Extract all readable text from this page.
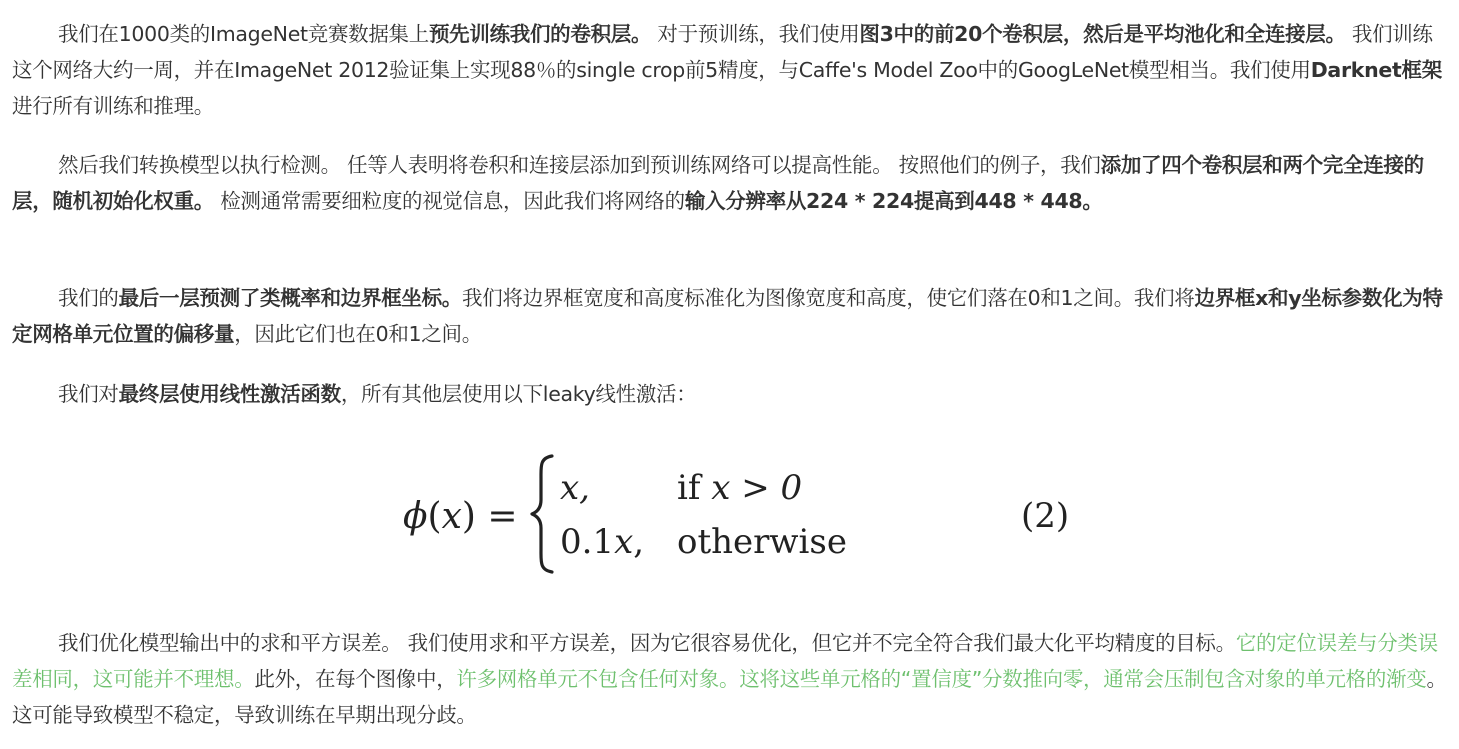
我们在1000类的ImageNet竞赛数据集上预先训练我们的卷积层。 对于预训练，我们使用图3中的前20个卷积层，然后是平均池化和全连接层。 我们训练这个网络大约一周，并在ImageNet 2012验证集上实现88％的single crop前5精度，与Caffe's Model Zoo中的GoogLeNet模型相当。我们使用Darknet框架进行所有训练和推理。

然后我们转换模型以执行检测。 任等人表明将卷积和连接层添加到预训练网络可以提高性能。 按照他们的例子，我们添加了四个卷积层和两个完全连接的层，随机初始化权重。 检测通常需要细粒度的视觉信息，因此我们将网络的输入分辨率从224 * 224提高到448 * 448。

我们的最后一层预测了类概率和边界框坐标。我们将边界框宽度和高度标准化为图像宽度和高度，使它们落在0和1之间。我们将边界框x和y坐标参数化为特定网格单元位置的偏移量，因此它们也在0和1之间。

我们对最终层使用线性激活函数，所有其他层使用以下leaky线性激活：

我们优化模型输出中的求和平方误差。 我们使用求和平方误差，因为它很容易优化，但它并不完全符合我们最大化平均精度的目标。它的定位误差与分类误差相同，这可能并不理想。此外，在每个图像中，许多网格单元不包含任何对象。这将这些单元格的“置信度”分数推向零，通常会压制包含对象的单元格的渐变。这可能导致模型不稳定，导致训练在早期出现分歧。

ϕ(x) =
x,	if x > 0
0.1x, otherwise
(2)
